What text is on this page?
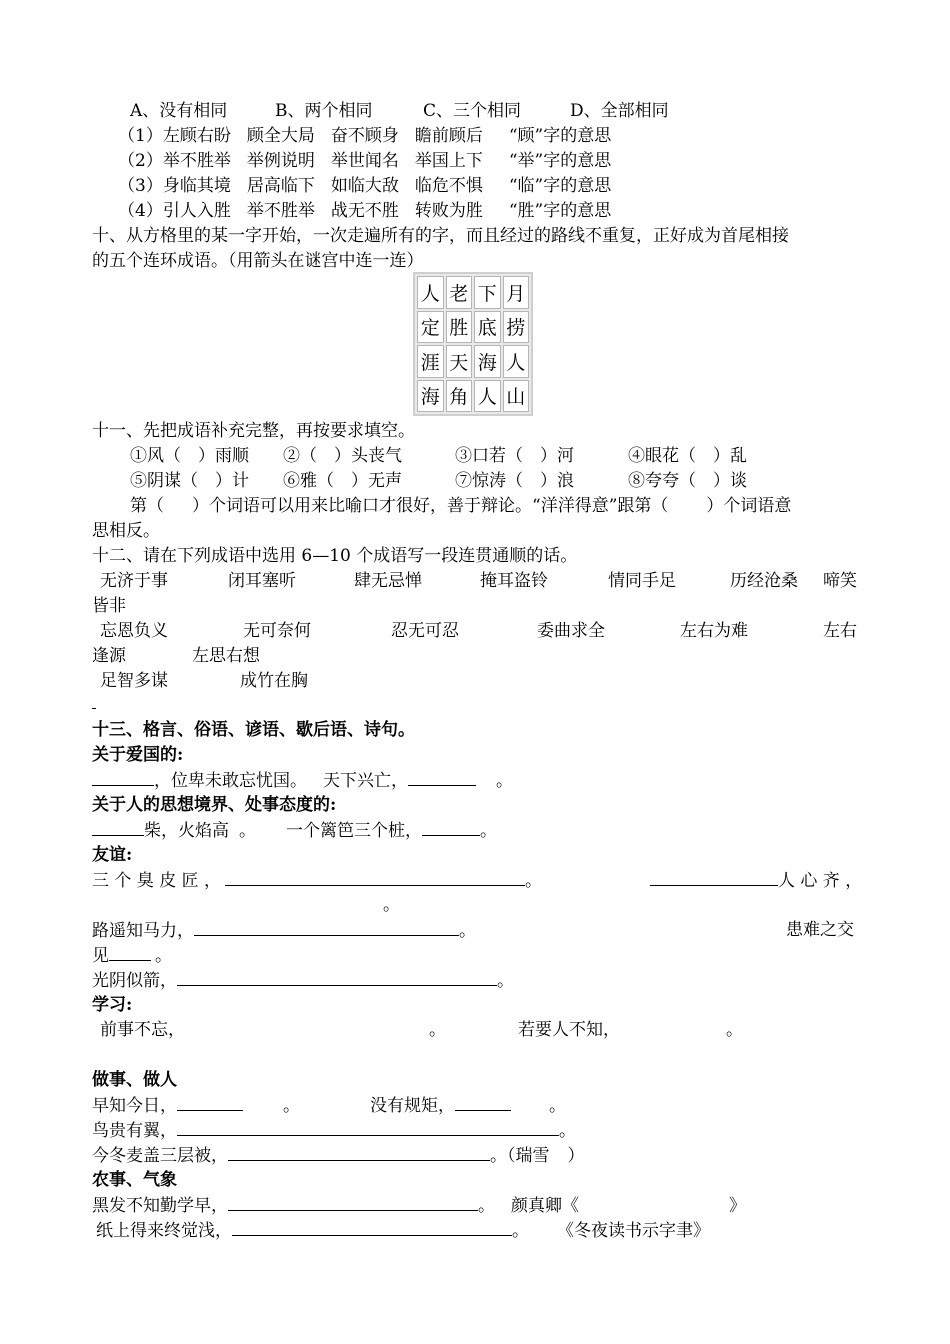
A、没有相同	B、两个相同	C、三个相同	D、全部相同
（1）左顾右盼 顾全大局 奋不顾身 瞻前顾后 “顾”字的意思
（2）举不胜举 举例说明 举世闻名 举国上下 “举”字的意思
（3）身临其境 居高临下 如临大敌 临危不惧 “临”字的意思
（4）引人入胜 举不胜举 战无不胜 转败为胜 “胜”字的意思
十、从方格里的某一字开始，一次走遍所有的字，而且经过的路线不重复，正好成为首尾相接
的五个连环成语。（用箭头在谜宫中连一连）
人 老 下 月
定 胜 底 捞
涯 天 海 人
海 角 人 山
十一、先把成语补充完整，再按要求填空。
①风（　）雨顺 ②（　）头丧气	③口若（　）河	④眼花（　）乱
⑤阴谋（　）计 ⑥雅（　）无声	⑦惊涛（　）浪	⑧夸夸（　）谈
第（ ）个词语可以用来比喻口才很好，善于辩论。“洋洋得意”跟第（ ）个词语意
思相反。
十二、请在下列成语中选用 6—10 个成语写一段连贯通顺的话。
无济于事	闭耳塞听	肆无忌惮	掩耳盗铃	情同手足	历经沧桑 啼笑
皆非
忘恩负义	无可奈何	忍无可忍	委曲求全	左右为难	左右
逢源	左思右想
足智多谋	成竹在胸
十三、格言、俗语、谚语、歇后语、诗句。
关于爱国的:
，位卑未敢忘忧国。 天下兴亡，	。
关于人的思想境界、处事态度的:
柴，火焰高 。 一个篱笆三个桩，	。
友谊:
三 个 臭 皮 匠 ，	。	人 心 齐 ，
。
路遥知马力，	。	患难之交
见	。
光阴似箭，	。
学习:
前事不忘，	。	若要人不知，	。
做事、做人
早知今日，	。	没有规矩，	。
鸟贵有翼，	。
今冬麦盖三层被，	。（瑞雪 ）
农事、气象
黑发不知勤学早，	。 颜真卿《	》
纸上得来终觉浅，	。 《冬夜读书示字聿》
